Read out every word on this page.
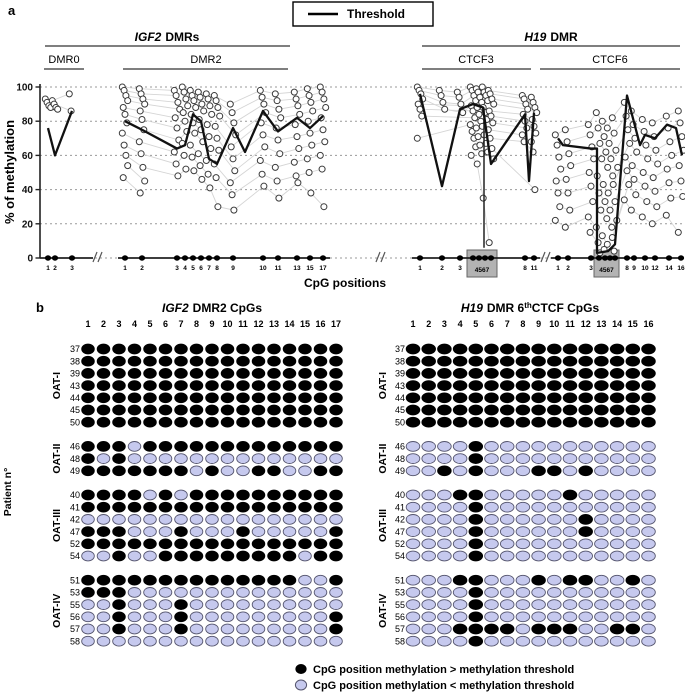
a	Threshold
IGF2 DMRs
DMR0	DMR2
H19 DMR
CTCF3	CTCF6
% of methylation
CpG positions
0
20
40
60
80
100
1 2 3	1 2	3 4 5 6 7 8 9	10 11 13 15 17	1	2 3	8 11
4567	1 2	3	8 9 10 12 14 16
4567
b	IGF2 DMR2 CpGs	H19 DMR 6thCTCF CpGs
Patient n°
1 2 3 4 5 6 7 8 9 10 11 12 13 14 15 16 17
37
38
39
43
44
45
50
OAT-I
46
48
49
OAT-II
40
41
42
47
52
54
OAT-III
51
53
55
56
57
58
OAT-IV
1 2 3 4 5 6 7 8 9 10 11 12 13 14 15 16
37
38
39
43
44
45
50
OAT-I
46
48
49
OAT-II
40
41
42
47
52
54
OAT-III
51
53
55
56
57
58
OAT-IV
CpG position methylation > methylation threshold
CpG position methylation < methylation threshold
